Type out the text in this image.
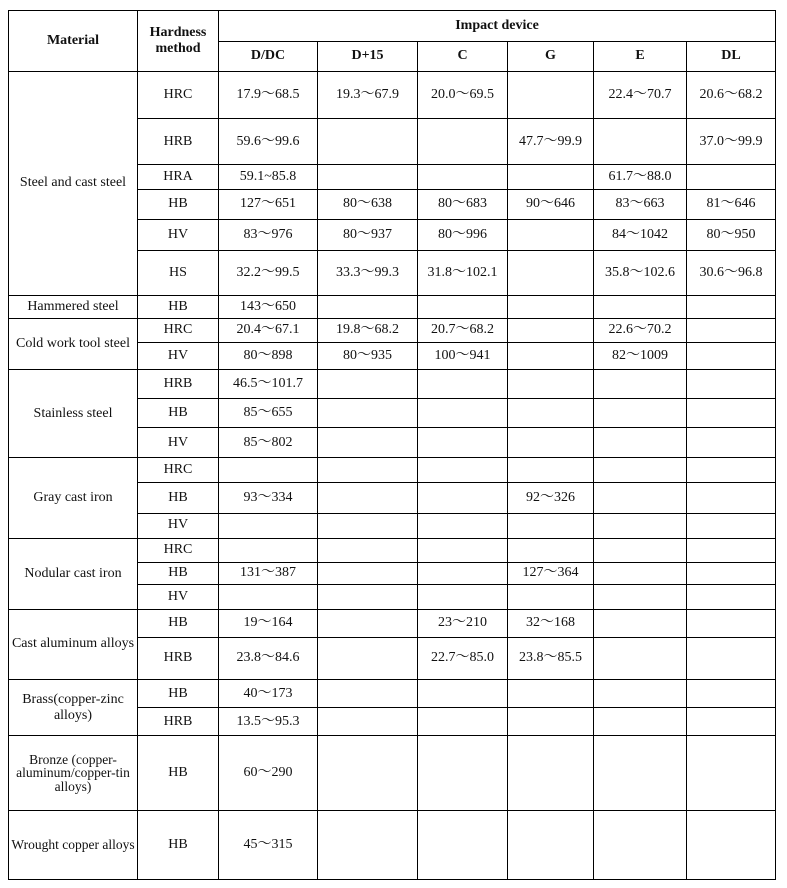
Material	Hardness method	Impact device					
		D/DC	D+15	C	G	E	DL
Steel and cast steel	HRC	17.9～68.5	19.3～67.9	20.0～69.5		22.4～70.7	20.6～68.2
	HRB	59.6～99.6			47.7～99.9		37.0～99.9
	HRA	59.1~85.8				61.7～88.0	
	HB	127～651	80～638	80～683	90～646	83～663	81～646
	HV	83～976	80～937	80～996		84～1042	80～950
	HS	32.2～99.5	33.3～99.3	31.8～102.1		35.8～102.6	30.6～96.8
Hammered steel	HB	143～650					
Cold work tool steel	HRC	20.4～67.1	19.8～68.2	20.7～68.2		22.6～70.2	
	HV	80～898	80～935	100～941		82～1009	
Stainless steel	HRB	46.5～101.7					
	HB	85～655					
	HV	85～802					
Gray cast iron	HRC						
	HB	93～334			92～326		
	HV						
Nodular cast iron	HRC						
	HB	131～387			127～364		
	HV						
Cast aluminum alloys	HB	19～164		23～210	32～168		
	HRB	23.8～84.6		22.7～85.0	23.8～85.5		
Brass(copper-zinc alloys)	HB	40～173					
	HRB	13.5～95.3					
Bronze (copper-aluminum/copper-tin alloys)	HB	60～290					
Wrought copper alloys	HB	45～315					
